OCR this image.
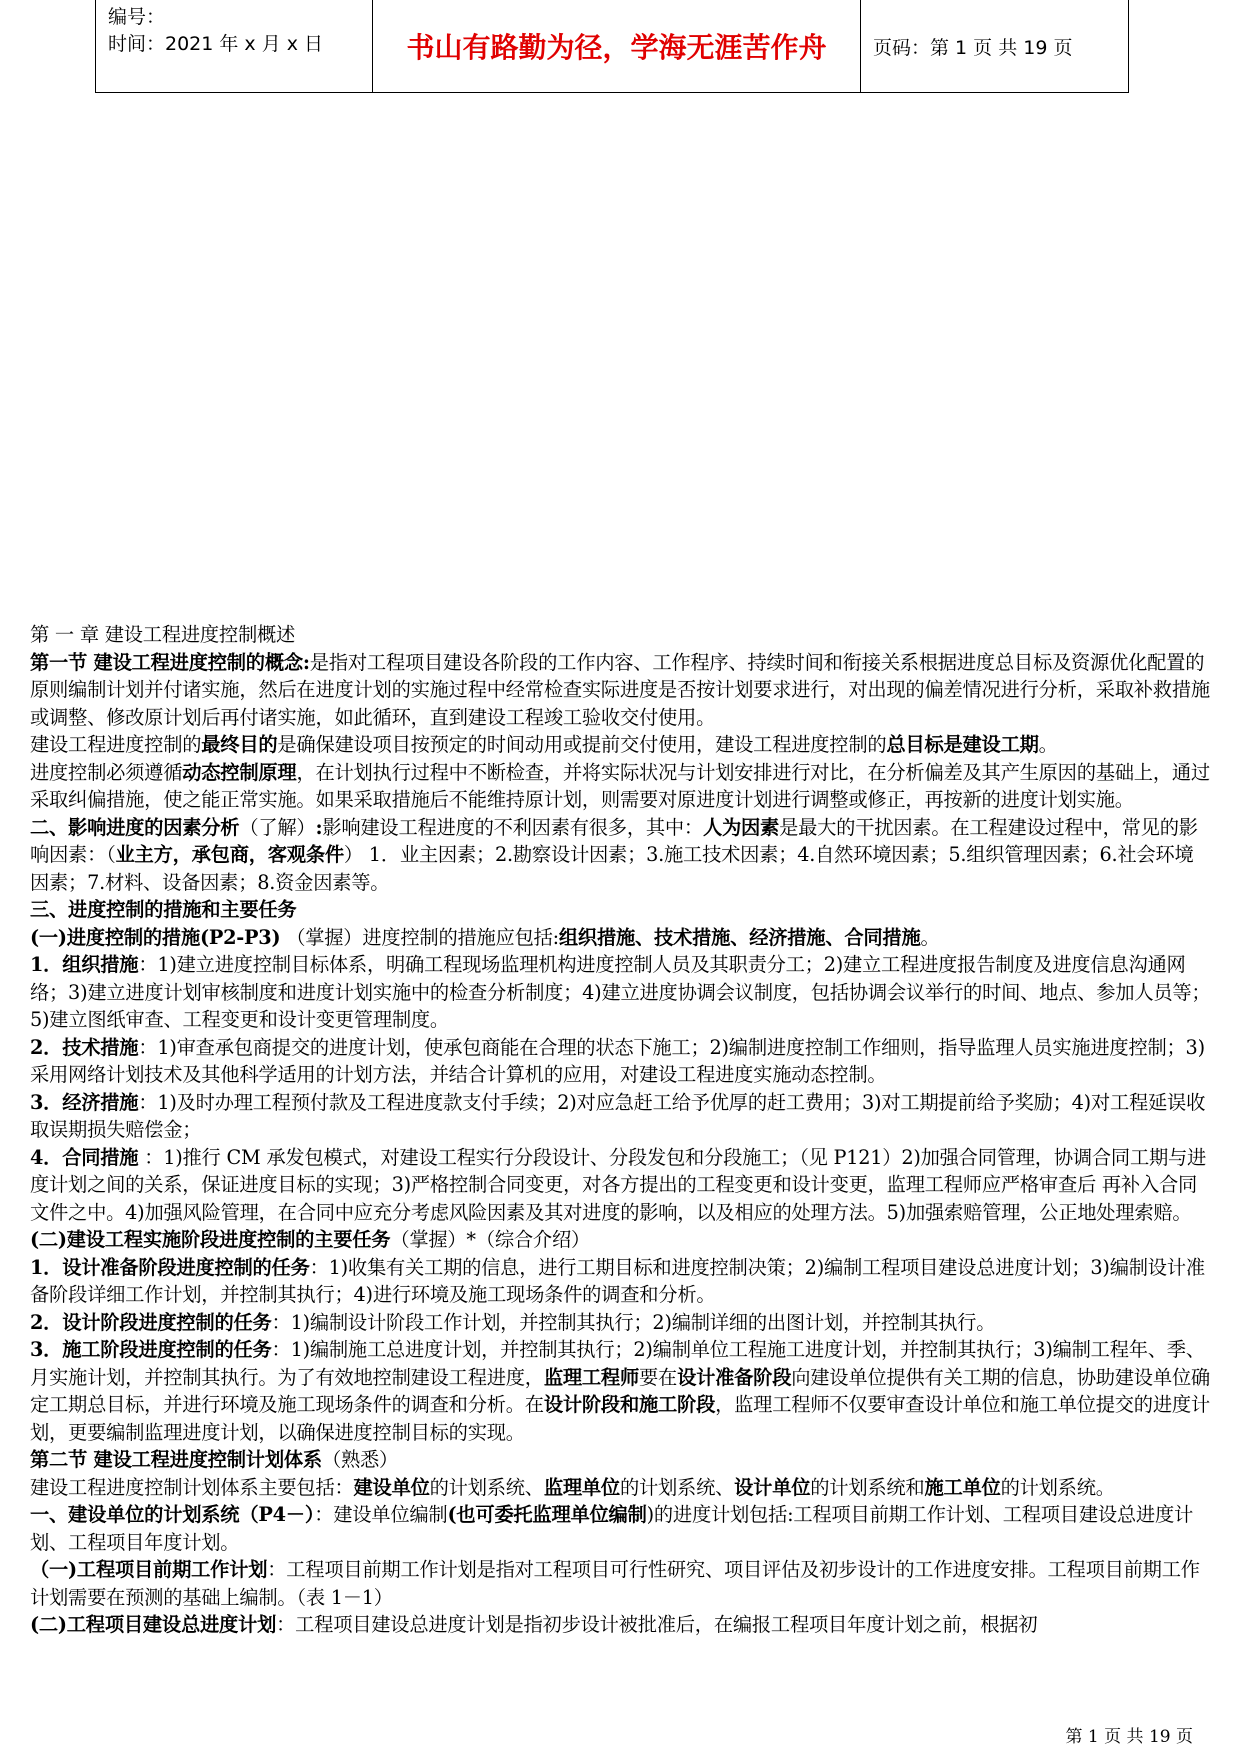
编号：
时间：2021 年 x 月 x 日	书山有路勤为径，学海无涯苦作舟	页码：第 1 页 共 19 页

第 一 章 建设工程进度控制概述

第一节 建设工程进度控制的概念:是指对工程项目建设各阶段的工作内容、工作程序、持续时间和衔接关系根据进度总目标及资源优化配置的原则编制计划并付诸实施，然后在进度计划的实施过程中经常检查实际进度是否按计划要求进行，对出现的偏差情况进行分析，采取补救措施或调整、修改原计划后再付诸实施，如此循环，直到建设工程竣工验收交付使用。

建设工程进度控制的最终目的是确保建设项目按预定的时间动用或提前交付使用，建设工程进度控制的总目标是建设工期。

进度控制必须遵循动态控制原理，在计划执行过程中不断检查，并将实际状况与计划安排进行对比，在分析偏差及其产生原因的基础上，通过采取纠偏措施，使之能正常实施。如果采取措施后不能维持原计划，则需要对原进度计划进行调整或修正，再按新的进度计划实施。

二、影响进度的因素分析（了解）:影响建设工程进度的不利因素有很多，其中：人为因素是最大的干扰因素。在工程建设过程中，常见的影响因素：（业主方，承包商，客观条件） 1．业主因素；2.勘察设计因素；3.施工技术因素；4.自然环境因素；5.组织管理因素；6.社会环境因素；7.材料、设备因素；8.资金因素等。

三、进度控制的措施和主要任务

(一)进度控制的措施(P2-P3) （掌握）进度控制的措施应包括:组织措施、技术措施、经济措施、合同措施。

1．组织措施：1)建立进度控制目标体系，明确工程现场监理机构进度控制人员及其职责分工；2)建立工程进度报告制度及进度信息沟通网络；3)建立进度计划审核制度和进度计划实施中的检查分析制度；4)建立进度协调会议制度，包括协调会议举行的时间、地点、参加人员等；5)建立图纸审查、工程变更和设计变更管理制度。

2．技术措施：1)审查承包商提交的进度计划，使承包商能在合理的状态下施工；2)编制进度控制工作细则，指导监理人员实施进度控制；3)采用网络计划技术及其他科学适用的计划方法，并结合计算机的应用，对建设工程进度实施动态控制。

3．经济措施：1)及时办理工程预付款及工程进度款支付手续；2)对应急赶工给予优厚的赶工费用；3)对工期提前给予奖励；4)对工程延误收取误期损失赔偿金；

4．合同措施 ：1)推行 CM 承发包模式，对建设工程实行分段设计、分段发包和分段施工；（见 P121）2)加强合同管理，协调合同工期与进度计划之间的关系，保证进度目标的实现；3)严格控制合同变更，对各方提出的工程变更和设计变更，监理工程师应严格审查后 再补入合同文件之中。4)加强风险管理，在合同中应充分考虑风险因素及其对进度的影响，以及相应的处理方法。5)加强索赔管理，公正地处理索赔。

(二)建设工程实施阶段进度控制的主要任务（掌握）*（综合介绍）

1．设计准备阶段进度控制的任务：1)收集有关工期的信息，进行工期目标和进度控制决策；2)编制工程项目建设总进度计划；3)编制设计准备阶段详细工作计划，并控制其执行；4)进行环境及施工现场条件的调查和分析。

2．设计阶段进度控制的任务：1)编制设计阶段工作计划，并控制其执行；2)编制详细的出图计划，并控制其执行。

3．施工阶段进度控制的任务：1)编制施工总进度计划，并控制其执行；2)编制单位工程施工进度计划，并控制其执行；3)编制工程年、季、月实施计划，并控制其执行。为了有效地控制建设工程进度，监理工程师要在设计准备阶段向建设单位提供有关工期的信息，协助建设单位确定工期总目标，并进行环境及施工现场条件的调查和分析。在设计阶段和施工阶段，监理工程师不仅要审查设计单位和施工单位提交的进度计划，更要编制监理进度计划，以确保进度控制目标的实现。

第二节 建设工程进度控制计划体系（熟悉）

建设工程进度控制计划体系主要包括：建设单位的计划系统、监理单位的计划系统、设计单位的计划系统和施工单位的计划系统。

一、建设单位的计划系统（P4－）：建设单位编制(也可委托监理单位编制)的进度计划包括:工程项目前期工作计划、工程项目建设总进度计划、工程项目年度计划。

（一)工程项目前期工作计划：工程项目前期工作计划是指对工程项目可行性研究、项目评估及初步设计的工作进度安排。工程项目前期工作计划需要在预测的基础上编制。（表 1－1）

(二)工程项目建设总进度计划：工程项目建设总进度计划是指初步设计被批准后，在编报工程项目年度计划之前，根据初

第 1 页 共 19 页
